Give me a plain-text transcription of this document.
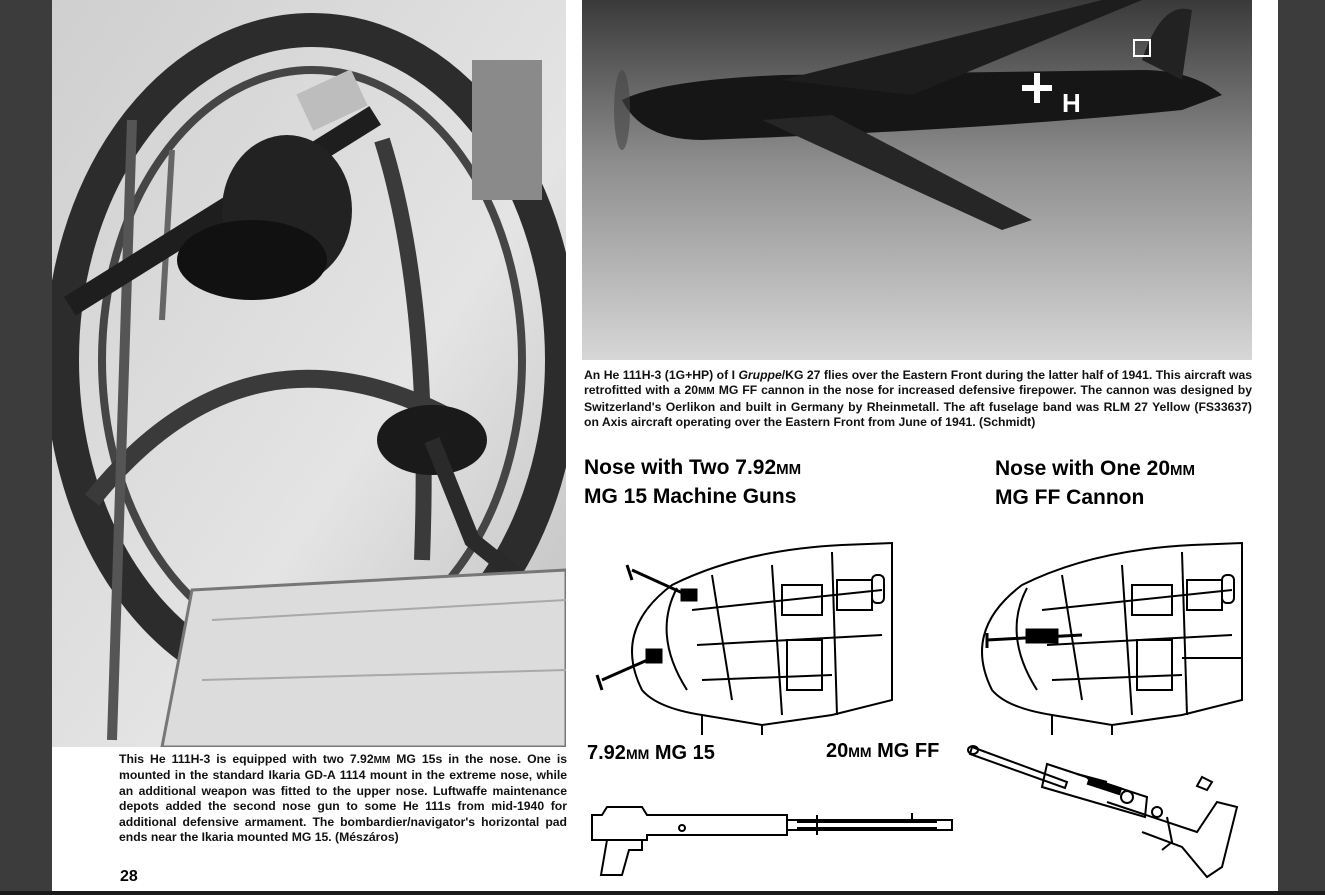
H
This He 111H-3 is equipped with two 7.92MM MG 15s in the nose. One is mounted in the standard Ikaria GD-A 1114 mount in the extreme nose, while an additional weapon was fitted to the upper nose. Luftwaffe maintenance depots added the second nose gun to some He 111s from mid-1940 for additional defensive armament. The bombardier/navigator's horizontal pad ends near the Ikaria mounted MG 15. (Mészáros)
An He 111H-3 (1G+HP) of I Gruppe/KG 27 flies over the Eastern Front during the latter half of 1941. This aircraft was retrofitted with a 20MM MG FF cannon in the nose for increased defensive firepower. The cannon was designed by Switzerland's Oerlikon and built in Germany by Rheinmetall. The aft fuselage band was RLM 27 Yellow (FS33637) on Axis aircraft operating over the Eastern Front from June of 1941. (Schmidt)
Nose with Two 7.92MM
MG 15 Machine Guns
Nose with One 20MM
MG FF Cannon
7.92MM MG 15	20MM MG FF
28
